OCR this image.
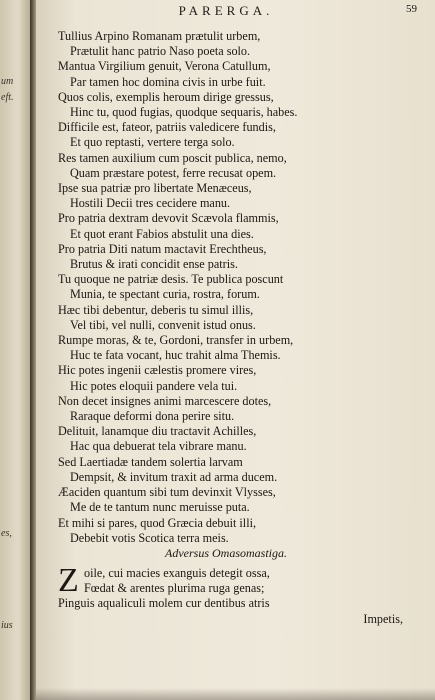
um
eft.
es,
ius
PARERGA.	59
Tullius Arpino Romanam prætulit urbem,
Prætulit hanc patrio Naso poeta solo.
Mantua Virgilium genuit, Verona Catullum,
Par tamen hoc domina civis in urbe fuit.
Quos colis, exemplis heroum dirige gressus,
Hinc tu, quod fugias, quodque sequaris, habes.
Difficile est, fateor, patriis valedicere fundis,
Et quo reptasti, vertere terga solo.
Res tamen auxilium cum poscit publica, nemo,
Quam præstare potest, ferre recusat opem.
Ipse sua patriæ pro libertate Menæceus,
Hostili Decii tres cecidere manu.
Pro patria dextram devovit Scævola flammis,
Et quot erant Fabios abstulit una dies.
Pro patria Diti natum mactavit Erechtheus,
Brutus & irati concidit ense patris.
Tu quoque ne patriæ desis. Te publica poscunt
Munia, te spectant curia, rostra, forum.
Hæc tibi debentur, deberis tu simul illis,
Vel tibi, vel nulli, convenit istud onus.
Rumpe moras, & te, Gordoni, transfer in urbem,
Huc te fata vocant, huc trahit alma Themis.
Hic potes ingenii cælestis promere vires,
Hic potes eloquii pandere vela tui.
Non decet insignes animi marcescere dotes,
Raraque deformi dona perire situ.
Delituit, lanamque diu tractavit Achilles,
Hac qua debuerat tela vibrare manu.
Sed Laertiadæ tandem solertia larvam
Dempsit, & invitum traxit ad arma ducem.
Æaciden quantum sibi tum devinxit Vlysses,
Me de te tantum nunc meruisse puta.
Et mihi si pares, quod Græcia debuit illi,
Debebit votis Scotica terra meis.
Adversus Omasomastiga.
Z oile, cui macies exanguis detegit ossa,
Fœdat & arentes plurima ruga genas;
Pinguis aqualiculi molem cur dentibus atris
Impetis,
